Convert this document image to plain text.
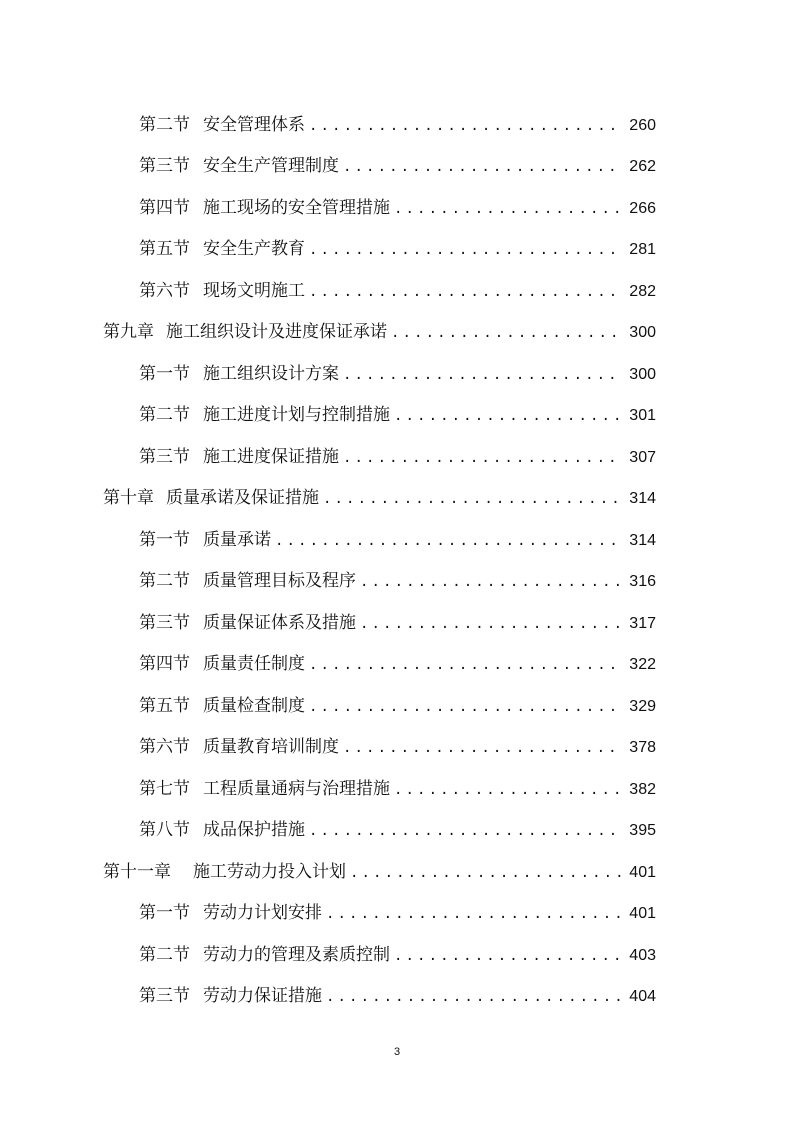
第二节 安全管理体系 .....	260
第三节 安全生产管理制度 .....	262
第四节 施工现场的安全管理措施 .....	266
第五节 安全生产教育 .....	281
第六节 现场文明施工 .....	282
第九章 施工组织设计及进度保证承诺 .....	300
第一节 施工组织设计方案 .....	300
第二节 施工进度计划与控制措施 .....	301
第三节 施工进度保证措施 .....	307
第十章 质量承诺及保证措施 .....	314
第一节 质量承诺 .....	314
第二节 质量管理目标及程序 .....	316
第三节 质量保证体系及措施 .....	317
第四节 质量责任制度 .....	322
第五节 质量检查制度 .....	329
第六节 质量教育培训制度 .....	378
第七节 工程质量通病与治理措施 .....	382
第八节 成品保护措施 .....	395
第十一章 施工劳动力投入计划 .....	401
第一节 劳动力计划安排 .....	401
第二节 劳动力的管理及素质控制 .....	403
第三节 劳动力保证措施 .....	404
3
